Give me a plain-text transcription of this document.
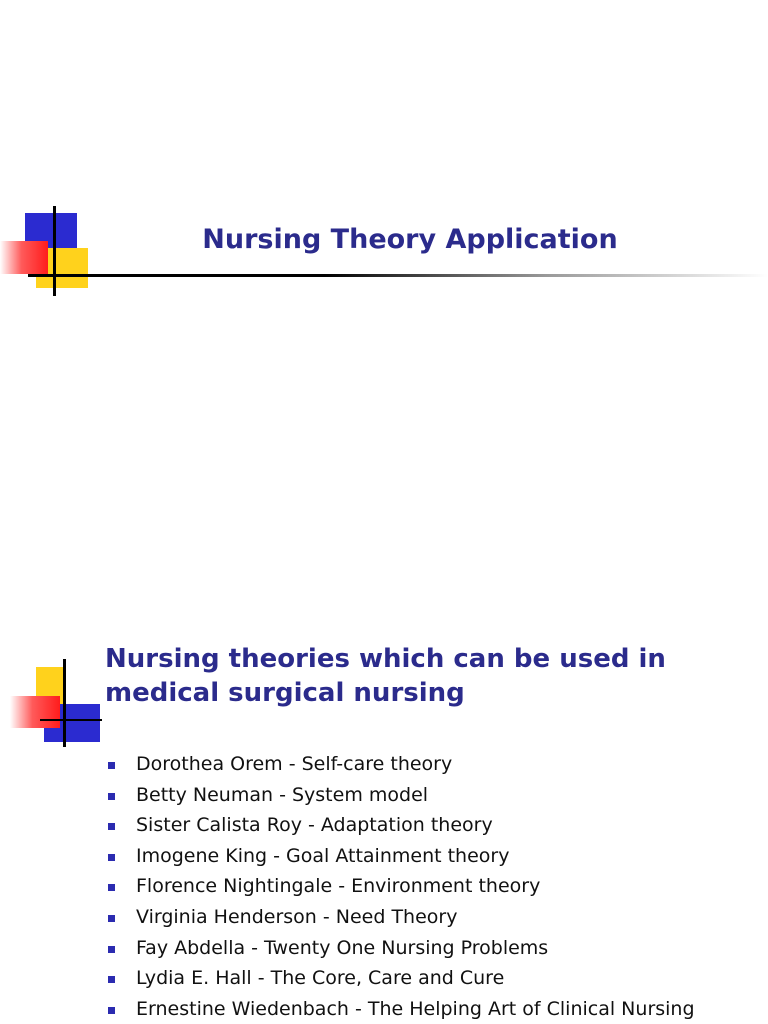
Nursing Theory Application
Nursing theories which can be used in medical surgical nursing
Dorothea Orem - Self-care theory
Betty Neuman - System model
Sister Calista Roy - Adaptation theory
Imogene King - Goal Attainment theory
Florence Nightingale - Environment theory
Virginia Henderson - Need Theory
Fay Abdella - Twenty One Nursing Problems
Lydia E. Hall - The Core, Care and Cure
Ernestine Wiedenbach - The Helping Art of Clinical Nursing
